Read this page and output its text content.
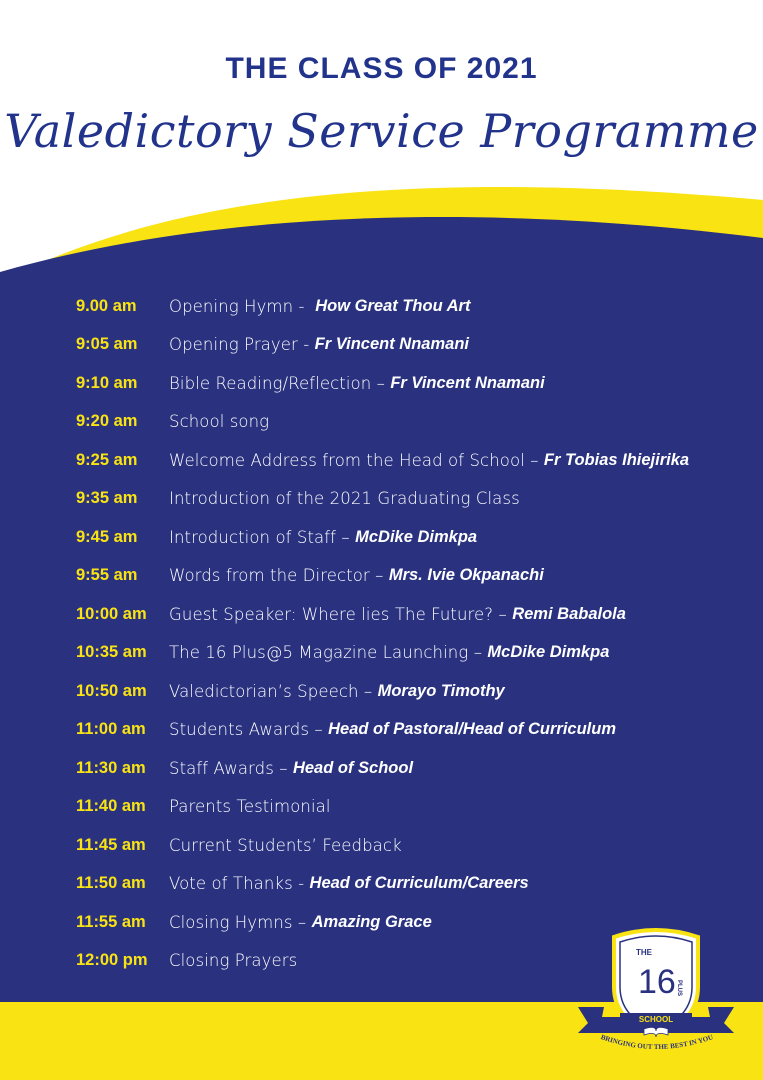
THE CLASS OF 2021
Valedictory Service Programme
9.00 am	Opening Hymn - How Great Thou Art
9:05 am	Opening Prayer - Fr Vincent Nnamani
9:10 am	Bible Reading/Reflection – Fr Vincent Nnamani
9:20 am	School song
9:25 am	Welcome Address from the Head of School – Fr Tobias Ihiejirika
9:35 am	Introduction of the 2021 Graduating Class
9:45 am	Introduction of Staff – McDike Dimkpa
9:55 am	Words from the Director – Mrs. Ivie Okpanachi
10:00 am	Guest Speaker: Where lies The Future? – Remi Babalola
10:35 am	The 16 Plus@5 Magazine Launching – McDike Dimkpa
10:50 am	Valedictorian’s Speech – Morayo Timothy
11:00 am	Students Awards – Head of Pastoral/Head of Curriculum
11:30 am	Staff Awards – Head of School
11:40 am	Parents Testimonial
11:45 am	Current Students’ Feedback
11:50 am	Vote of Thanks - Head of Curriculum/Careers
11:55 am	Closing Hymns – Amazing Grace
12:00 pm	Closing Prayers	THE
16 PLUS
SCHOOL
BRINGING OUT THE BEST IN YOU
